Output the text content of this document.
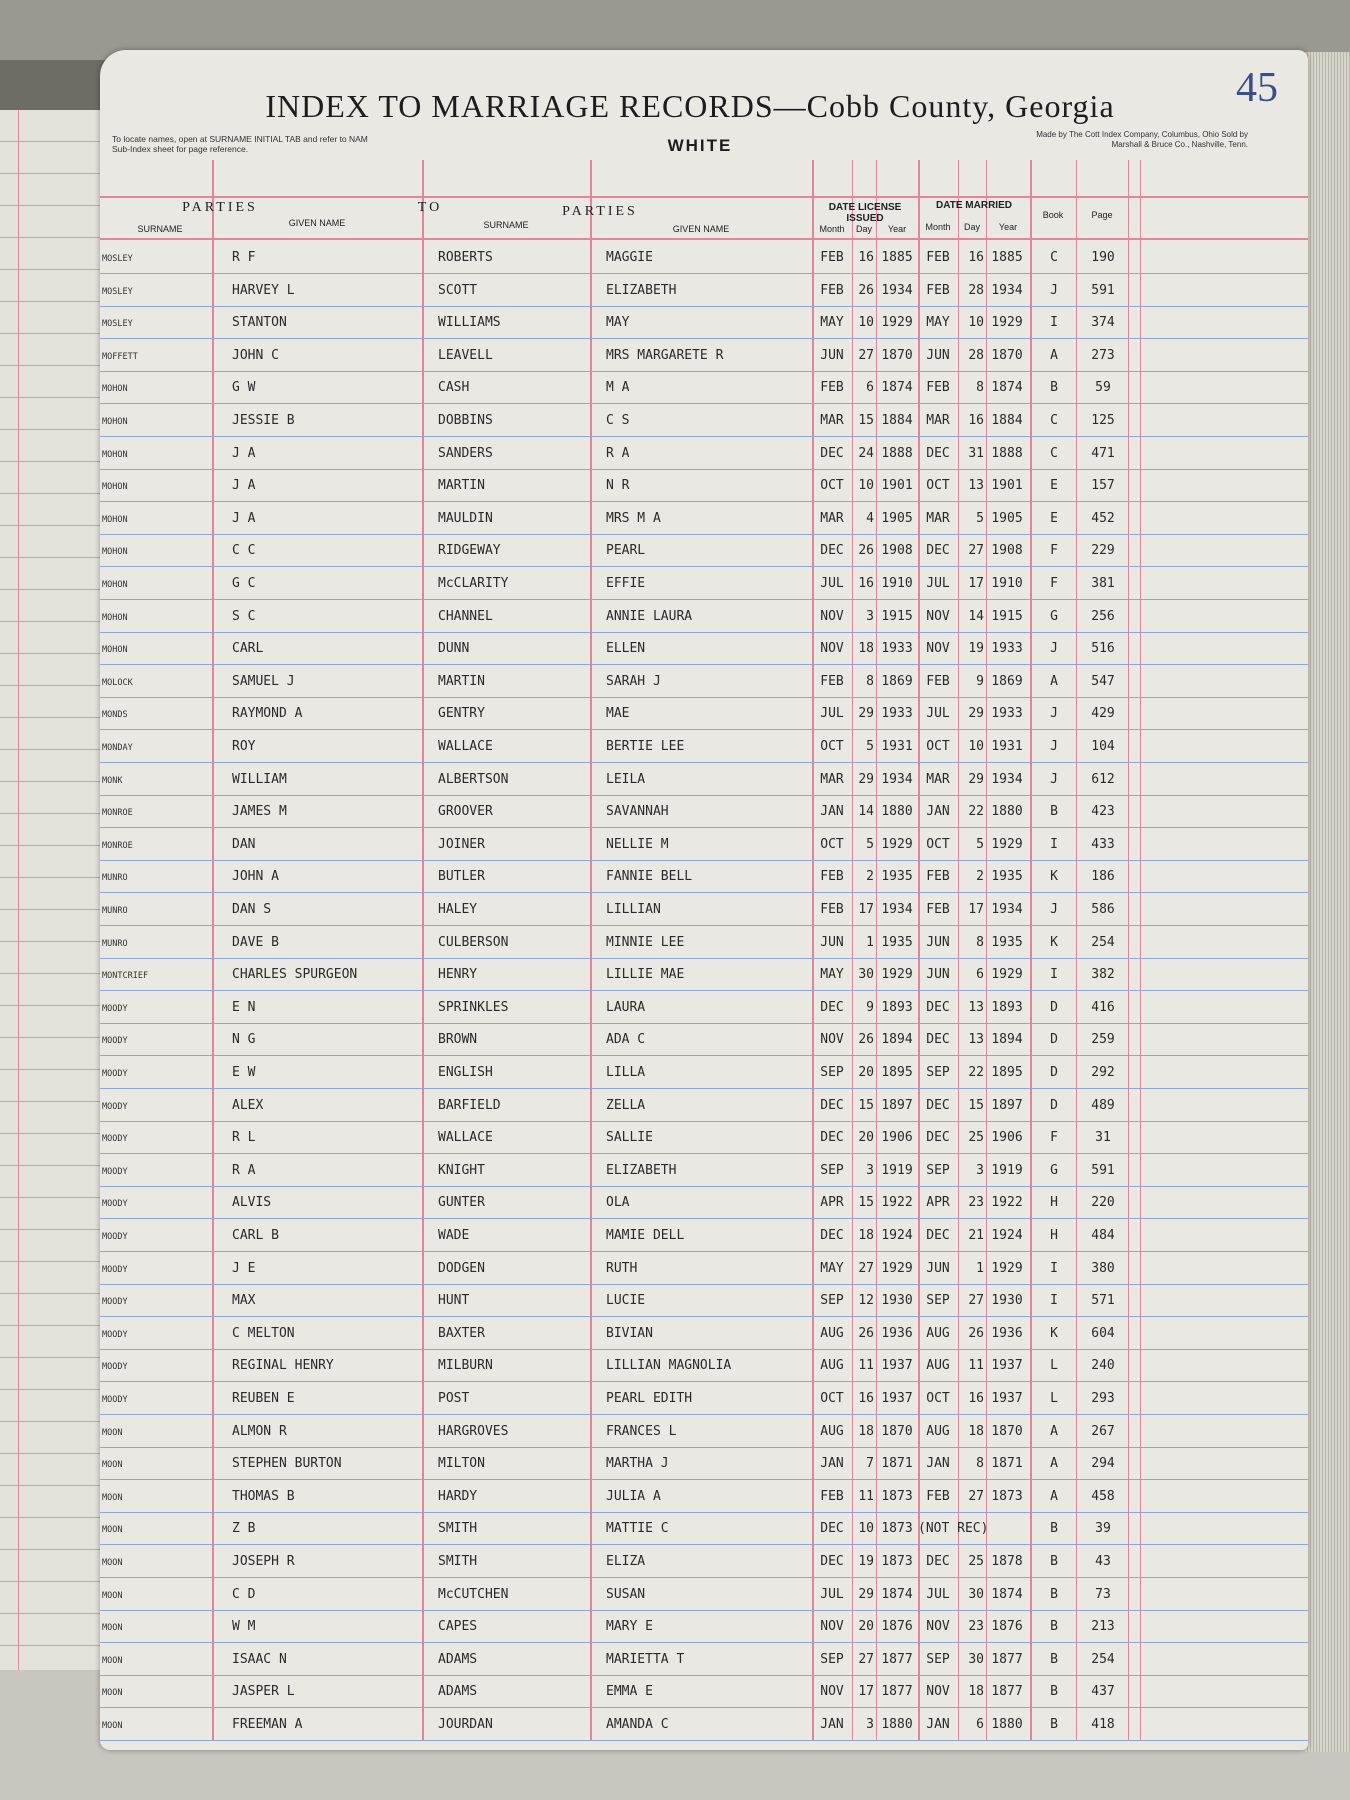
45
INDEX TO MARRIAGE RECORDS—Cobb County, Georgia
WHITE
To locate names, open at SURNAME INITIAL TAB and refer to NAM Sub-Index sheet for page reference.
Made by The Cott Index Company, Columbus, Ohio Sold by Marshall & Bruce Co., Nashville, Tenn.
PARTIES	TO	PARTIES	DATE LICENSE ISSUED
DATE MARRIED
Book	Page
SURNAME
GIVEN NAME	SURNAME	GIVEN NAME	Month	Day	Year	Month	Day	Year
MOSLEY	R F	ROBERTS	MAGGIE	FEB	16 1885	FEB	16 1885	C	190
MOSLEY	HARVEY L	SCOTT	ELIZABETH	FEB	26 1934	FEB	28 1934	J	591
MOSLEY	STANTON	WILLIAMS	MAY	MAY	10 1929	MAY	10 1929	I	374
MOFFETT	JOHN C	LEAVELL	MRS MARGARETE R	JUN	27 1870	JUN	28 1870	A	273
MOHON	G W	CASH	M A	FEB	6 1874	FEB	8 1874	B	59
MOHON	JESSIE B	DOBBINS	C S	MAR	15 1884	MAR	16 1884	C	125
MOHON	J A	SANDERS	R A	DEC	24 1888	DEC	31 1888	C	471
MOHON	J A	MARTIN	N R	OCT	10 1901	OCT	13 1901	E	157
MOHON	J A	MAULDIN	MRS M A	MAR	4 1905	MAR	5 1905	E	452
MOHON	C C	RIDGEWAY	PEARL	DEC	26 1908	DEC	27 1908	F	229
MOHON	G C	McCLARITY	EFFIE	JUL	16 1910	JUL	17 1910	F	381
MOHON	S C	CHANNEL	ANNIE LAURA	NOV	3 1915	NOV	14 1915	G	256
MOHON	CARL	DUNN	ELLEN	NOV	18 1933	NOV	19 1933	J	516
MOLOCK	SAMUEL J	MARTIN	SARAH J	FEB	8 1869	FEB	9 1869	A	547
MONDS	RAYMOND A	GENTRY	MAE	JUL	29 1933	JUL	29 1933	J	429
MONDAY	ROY	WALLACE	BERTIE LEE	OCT	5 1931	OCT	10 1931	J	104
MONK	WILLIAM	ALBERTSON	LEILA	MAR	29 1934	MAR	29 1934	J	612
MONROE	JAMES M	GROOVER	SAVANNAH	JAN	14 1880	JAN	22 1880	B	423
MONROE	DAN	JOINER	NELLIE M	OCT	5 1929	OCT	5 1929	I	433
MUNRO	JOHN A	BUTLER	FANNIE BELL	FEB	2 1935	FEB	2 1935	K	186
MUNRO	DAN S	HALEY	LILLIAN	FEB	17 1934	FEB	17 1934	J	586
MUNRO	DAVE B	CULBERSON	MINNIE LEE	JUN	1 1935	JUN	8 1935	K	254
MONTCRIEF	CHARLES SPURGEON	HENRY	LILLIE MAE	MAY	30 1929	JUN	6 1929	I	382
MOODY	E N	SPRINKLES	LAURA	DEC	9 1893	DEC	13 1893	D	416
MOODY	N G	BROWN	ADA C	NOV	26 1894	DEC	13 1894	D	259
MOODY	E W	ENGLISH	LILLA	SEP	20 1895	SEP	22 1895	D	292
MOODY	ALEX	BARFIELD	ZELLA	DEC	15 1897	DEC	15 1897	D	489
MOODY	R L	WALLACE	SALLIE	DEC	20 1906	DEC	25 1906	F	31
MOODY	R A	KNIGHT	ELIZABETH	SEP	3 1919	SEP	3 1919	G	591
MOODY	ALVIS	GUNTER	OLA	APR	15 1922	APR	23 1922	H	220
MOODY	CARL B	WADE	MAMIE DELL	DEC	18 1924	DEC	21 1924	H	484
MOODY	J E	DODGEN	RUTH	MAY	27 1929	JUN	1 1929	I	380
MOODY	MAX	HUNT	LUCIE	SEP	12 1930	SEP	27 1930	I	571
MOODY	C MELTON	BAXTER	BIVIAN	AUG	26 1936	AUG	26 1936	K	604
MOODY	REGINAL HENRY	MILBURN	LILLIAN MAGNOLIA	AUG	11 1937	AUG	11 1937	L	240
MOODY	REUBEN E	POST	PEARL EDITH	OCT	16 1937	OCT	16 1937	L	293
MOON	ALMON R	HARGROVES	FRANCES L	AUG	18 1870	AUG	18 1870	A	267
MOON	STEPHEN BURTON	MILTON	MARTHA J	JAN	7 1871	JAN	8 1871	A	294
MOON	THOMAS B	HARDY	JULIA A	FEB	11 1873	FEB	27 1873	A	458
MOON	Z B	SMITH	MATTIE C	DEC	10 1873 (NOT REC)	B	39
MOON	JOSEPH R	SMITH	ELIZA	DEC	19 1873	DEC	25 1878	B	43
MOON	C D	McCUTCHEN	SUSAN	JUL	29 1874	JUL	30 1874	B	73
MOON	W M	CAPES	MARY E	NOV	20 1876	NOV	23 1876	B	213
MOON	ISAAC N	ADAMS	MARIETTA T	SEP	27 1877	SEP	30 1877	B	254
MOON	JASPER L	ADAMS	EMMA E	NOV	17 1877	NOV	18 1877	B	437
MOON	FREEMAN A	JOURDAN	AMANDA C	JAN	3 1880	JAN	6 1880	B	418
